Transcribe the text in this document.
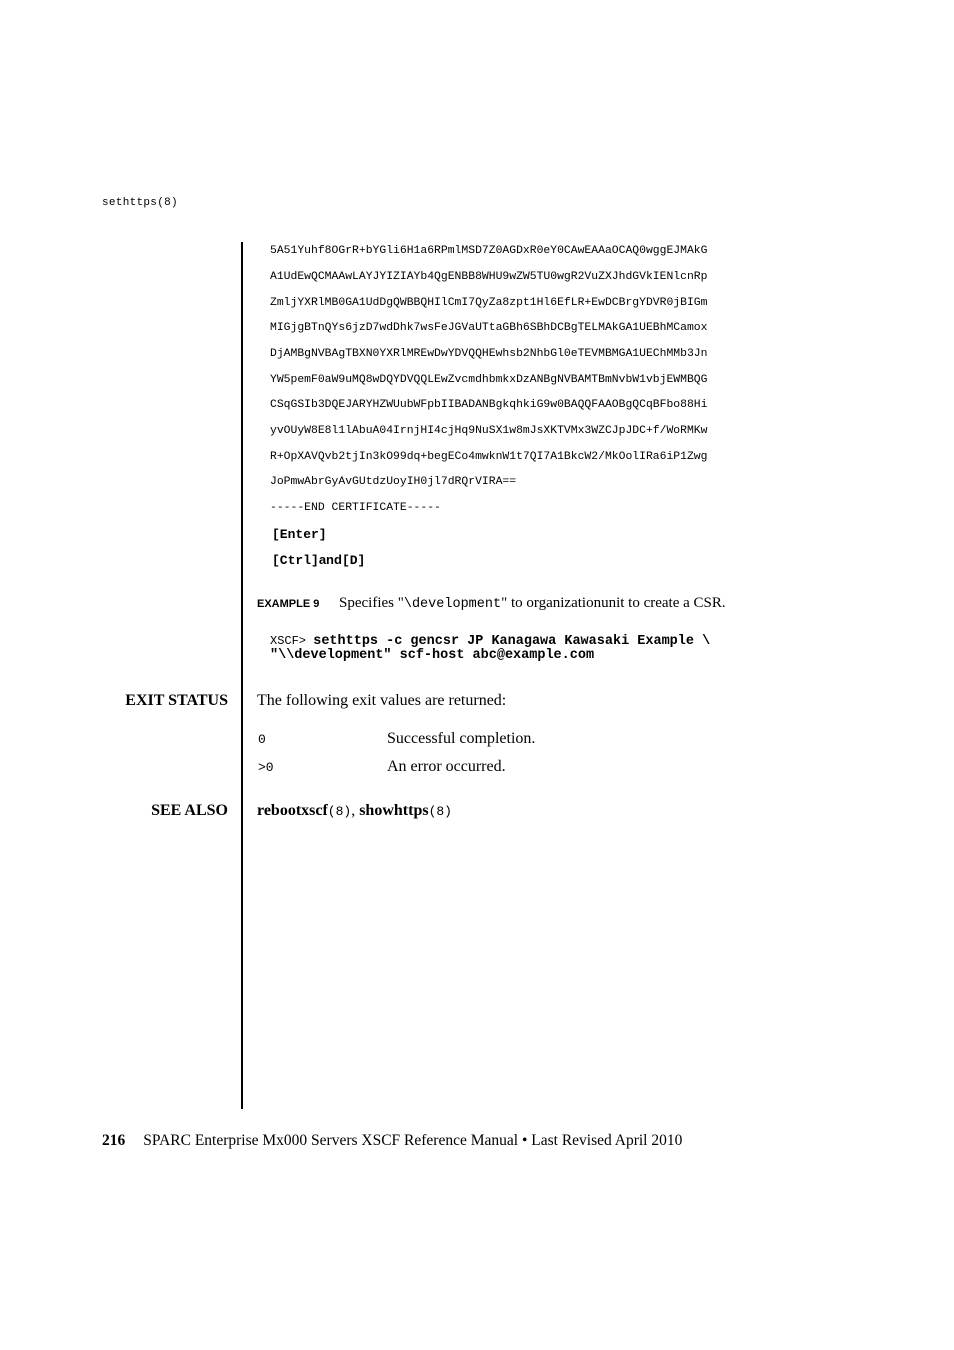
sethttps(8)
5A51Yuhf8OGrR+bYGli6H1a6RPmlMSD7Z0AGDxR0eY0CAwEAAaOCAQ0wggEJMAkG
A1UdEwQCMAAwLAYJYIZIAYb4QgENBB8WHU9wZW5TU0wgR2VuZXJhdGVkIENlcnRp
ZmljYXRlMB0GA1UdDgQWBBQHIlCmI7QyZa8zpt1Hl6EfLR+EwDCBrgYDVR0jBIGm
MIGjgBTnQYs6jzD7wdDhk7wsFeJGVaUTtaGBh6SBhDCBgTELMAkGA1UEBhMCamox
DjAMBgNVBAgTBXN0YXRlMREwDwYDVQQHEwhsb2NhbGl0eTEVMBMGA1UEChMMb3Jn
YW5pemF0aW9uMQ8wDQYDVQQLEwZvcmdhbmkxDzANBgNVBAMTBmNvbW1vbjEWMBQG
CSqGSIb3DQEJARYHZWUubWFpbIIBADANBgkqhkiG9w0BAQQFAAOBgQCqBFbo88Hi
yvOUyW8E8l1lAbuA04IrnjHI4cjHq9NuSX1w8mJsXKTVMx3WZCJpJDC+f/WoRMKw
R+OpXAVQvb2tjIn3kO99dq+begECo4mwknW1t7QI7A1BkcW2/MkOolIRa6iP1Zwg
JoPmwAbrGyAvGUtdzUoyIH0jl7dRQrVIRA==
-----END CERTIFICATE-----
[Enter]
[Ctrl]and[D]
EXAMPLE 9 Specifies "\development" to organizationunit to create a CSR.
XSCF> sethttps -c gencsr JP Kanagawa Kawasaki Example \
"\\development" scf-host abc@example.com
EXIT STATUS The following exit values are returned:
0	Successful completion.
>0	An error occurred.
SEE ALSO rebootxscf(8), showhttps(8)
216 SPARC Enterprise Mx000 Servers XSCF Reference Manual • Last Revised April 2010
